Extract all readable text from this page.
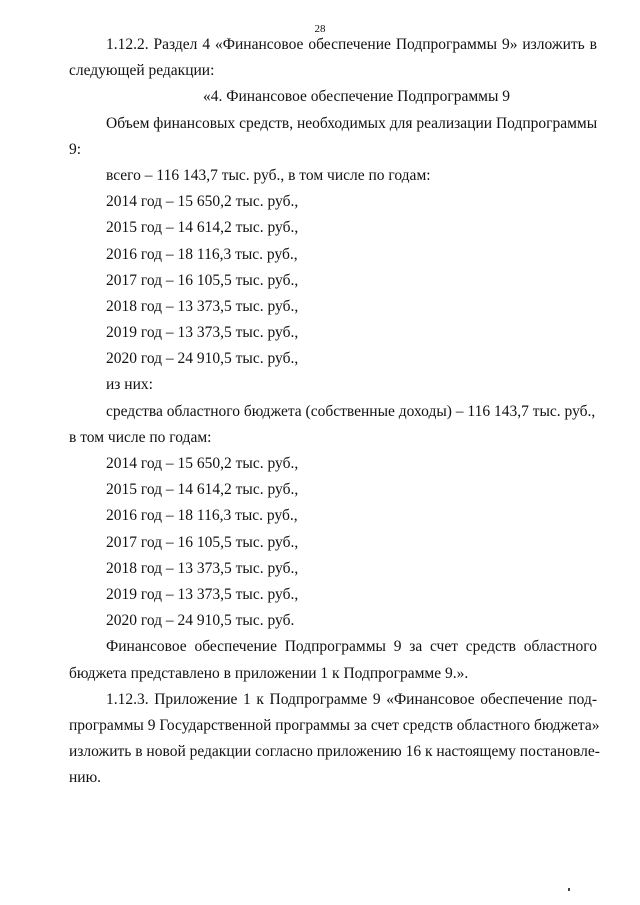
28
1.12.2. Раздел 4 «Финансовое обеспечение Подпрограммы 9» изложить в
следующей редакции:
«4. Финансовое обеспечение Подпрограммы 9
Объем финансовых средств, необходимых для реализации Подпрограммы
9:
всего – 116 143,7 тыс. руб., в том числе по годам:
2014 год – 15 650,2 тыс. руб.,
2015 год – 14 614,2 тыс. руб.,
2016 год – 18 116,3 тыс. руб.,
2017 год – 16 105,5 тыс. руб.,
2018 год – 13 373,5 тыс. руб.,
2019 год – 13 373,5 тыс. руб.,
2020 год – 24 910,5 тыс. руб.,
из них:
средства областного бюджета (собственные доходы) – 116 143,7 тыс. руб.,
в том числе по годам:
2014 год – 15 650,2 тыс. руб.,
2015 год – 14 614,2 тыс. руб.,
2016 год – 18 116,3 тыс. руб.,
2017 год – 16 105,5 тыс. руб.,
2018 год – 13 373,5 тыс. руб.,
2019 год – 13 373,5 тыс. руб.,
2020 год – 24 910,5 тыс. руб.
Финансовое обеспечение Подпрограммы 9 за счет средств областного
бюджета представлено в приложении 1 к Подпрограмме 9.».
1.12.3. Приложение 1 к Подпрограмме 9 «Финансовое обеспечение под-
программы 9 Государственной программы за счет средств областного бюджета»
изложить в новой редакции согласно приложению 16 к настоящему постановле-
нию.
